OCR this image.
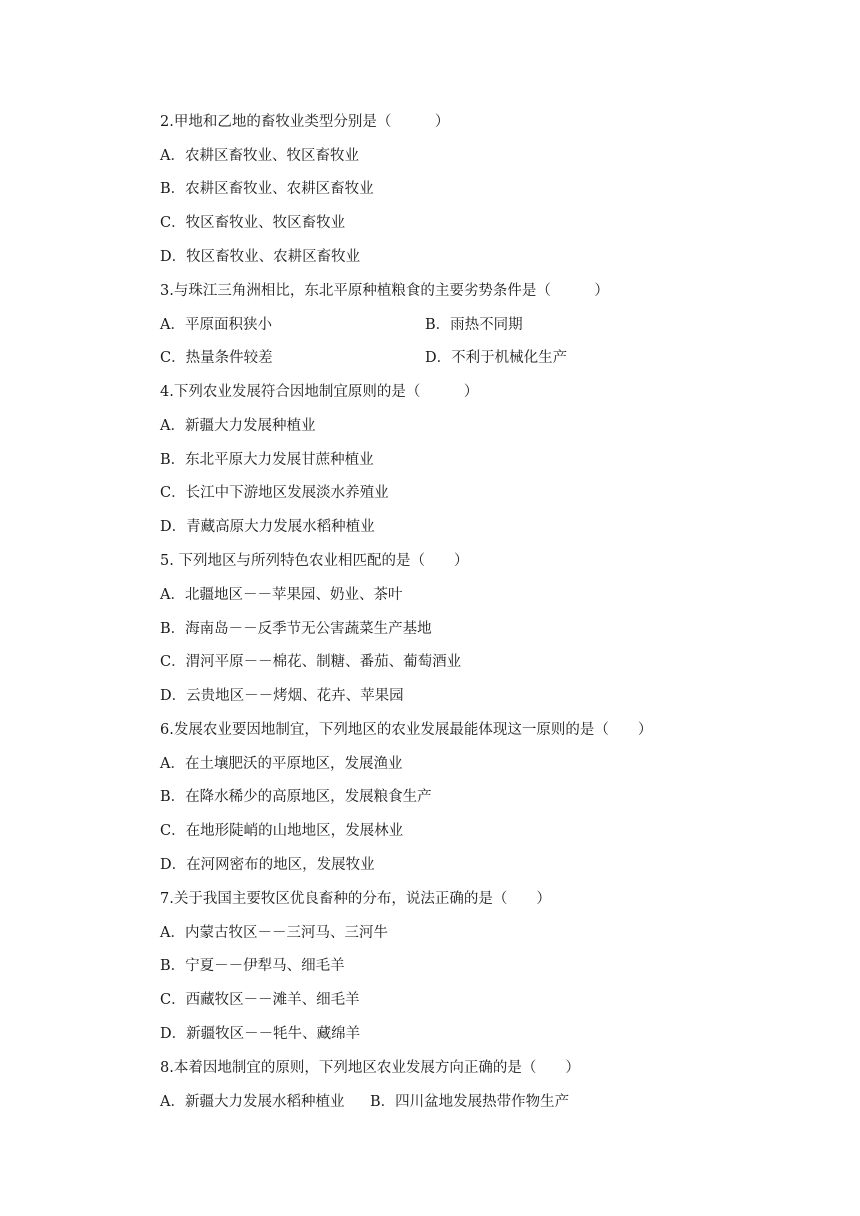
2.甲地和乙地的畜牧业类型分别是（　　　）
A．农耕区畜牧业、牧区畜牧业
B．农耕区畜牧业、农耕区畜牧业
C．牧区畜牧业、牧区畜牧业
D．牧区畜牧业、农耕区畜牧业
3.与珠江三角洲相比，东北平原种植粮食的主要劣势条件是（　　　）
A．平原面积狭小	B．雨热不同期
C．热量条件较差	D．不利于机械化生产
4.下列农业发展符合因地制宜原则的是（　　　）
A．新疆大力发展种植业
B．东北平原大力发展甘蔗种植业
C．长江中下游地区发展淡水养殖业
D．青藏高原大力发展水稻种植业
5. 下列地区与所列特色农业相匹配的是（　　）
A．北疆地区－－苹果园、奶业、茶叶
B．海南岛－－反季节无公害蔬菜生产基地
C．渭河平原－－棉花、制糖、番茄、葡萄酒业
D．云贵地区－－烤烟、花卉、苹果园
6.发展农业要因地制宜，下列地区的农业发展最能体现这一原则的是（　　）
A．在土壤肥沃的平原地区，发展渔业
B．在降水稀少的高原地区，发展粮食生产
C．在地形陡峭的山地地区，发展林业
D．在河网密布的地区，发展牧业
7.关于我国主要牧区优良畜种的分布，说法正确的是（　　）
A．内蒙古牧区－－三河马、三河牛
B．宁夏－－伊犁马、细毛羊
C．西藏牧区－－滩羊、细毛羊
D．新疆牧区－－牦牛、藏绵羊
8.本着因地制宜的原则，下列地区农业发展方向正确的是（　　）
A．新疆大力发展水稻种植业 B．四川盆地发展热带作物生产
